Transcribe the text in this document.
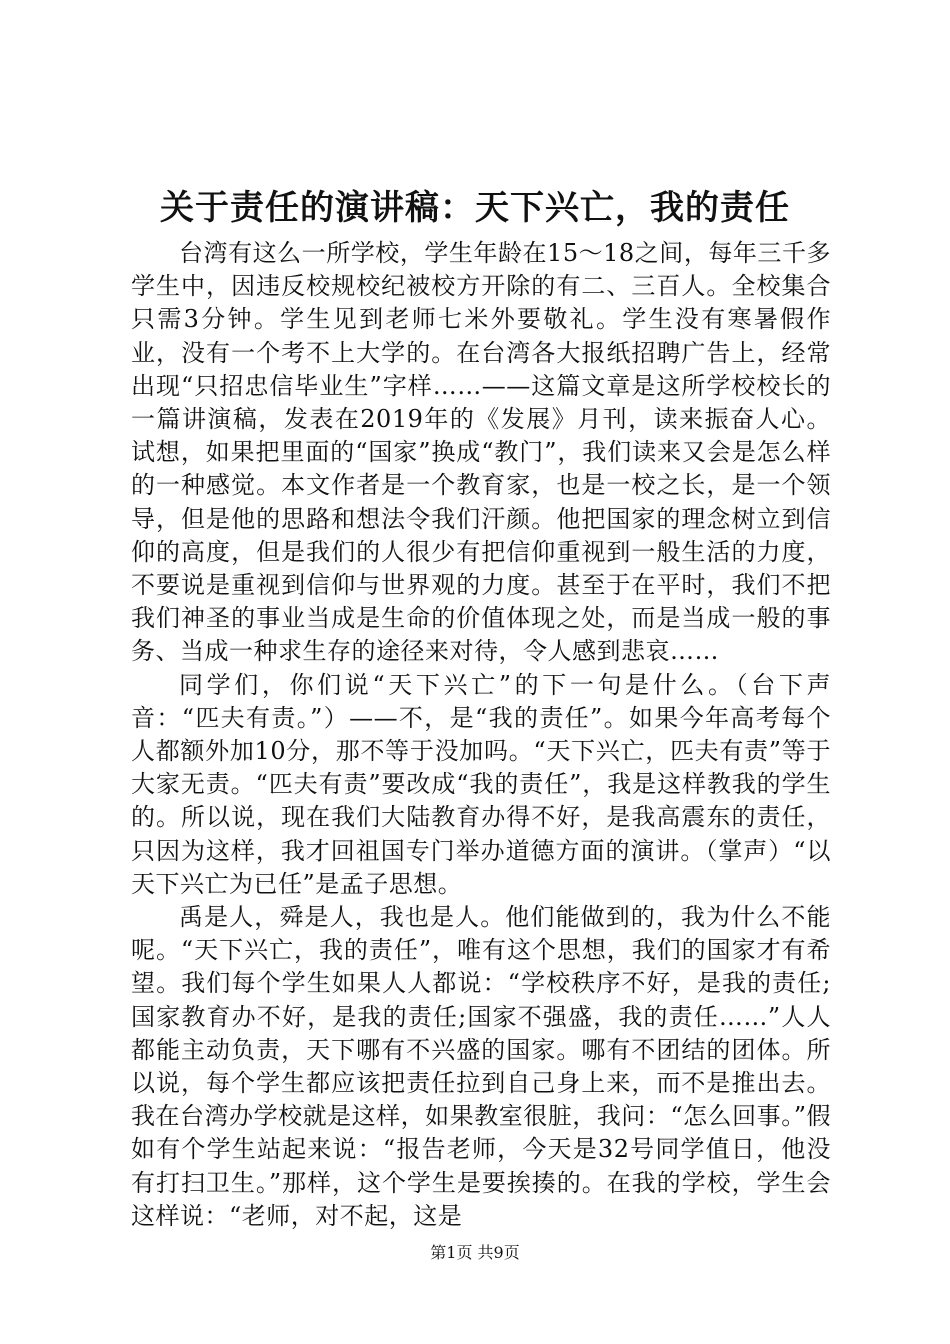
关于责任的演讲稿：天下兴亡，我的责任

台湾有这么一所学校，学生年龄在15～18之间，每年三千多学生中，因违反校规校纪被校方开除的有二、三百人。全校集合只需3分钟。学生见到老师七米外要敬礼。学生没有寒暑假作业，没有一个考不上大学的。在台湾各大报纸招聘广告上，经常出现“只招忠信毕业生”字样……——这篇文章是这所学校校长的一篇讲演稿，发表在2019年的《发展》月刊，读来振奋人心。试想，如果把里面的“国家”换成“教门”，我们读来又会是怎么样的一种感觉。本文作者是一个教育家，也是一校之长，是一个领导，但是他的思路和想法令我们汗颜。他把国家的理念树立到信仰的高度，但是我们的人很少有把信仰重视到一般生活的力度，不要说是重视到信仰与世界观的力度。甚至于在平时，我们不把我们神圣的事业当成是生命的价值体现之处，而是当成一般的事务、当成一种求生存的途径来对待，令人感到悲哀……

同学们，你们说“天下兴亡”的下一句是什么。（台下声音：“匹夫有责。”）——不，是“我的责任”。如果今年高考每个人都额外加10分，那不等于没加吗。“天下兴亡，匹夫有责”等于大家无责。“匹夫有责”要改成“我的责任”，我是这样教我的学生的。所以说，现在我们大陆教育办得不好，是我高震东的责任，只因为这样，我才回祖国专门举办道德方面的演讲。（掌声）“以天下兴亡为已任”是孟子思想。

禹是人，舜是人，我也是人。他们能做到的，我为什么不能呢。“天下兴亡，我的责任”，唯有这个思想，我们的国家才有希望。我们每个学生如果人人都说：“学校秩序不好，是我的责任;国家教育办不好，是我的责任;国家不强盛，我的责任……”人人都能主动负责，天下哪有不兴盛的国家。哪有不团结的团体。所以说，每个学生都应该把责任拉到自己身上来，而不是推出去。我在台湾办学校就是这样，如果教室很脏，我问：“怎么回事。”假如有个学生站起来说：“报告老师，今天是32号同学值日，他没有打扫卫生。”那样，这个学生是要挨揍的。在我的学校，学生会这样说：“老师，对不起，这是

第1页 共9页
